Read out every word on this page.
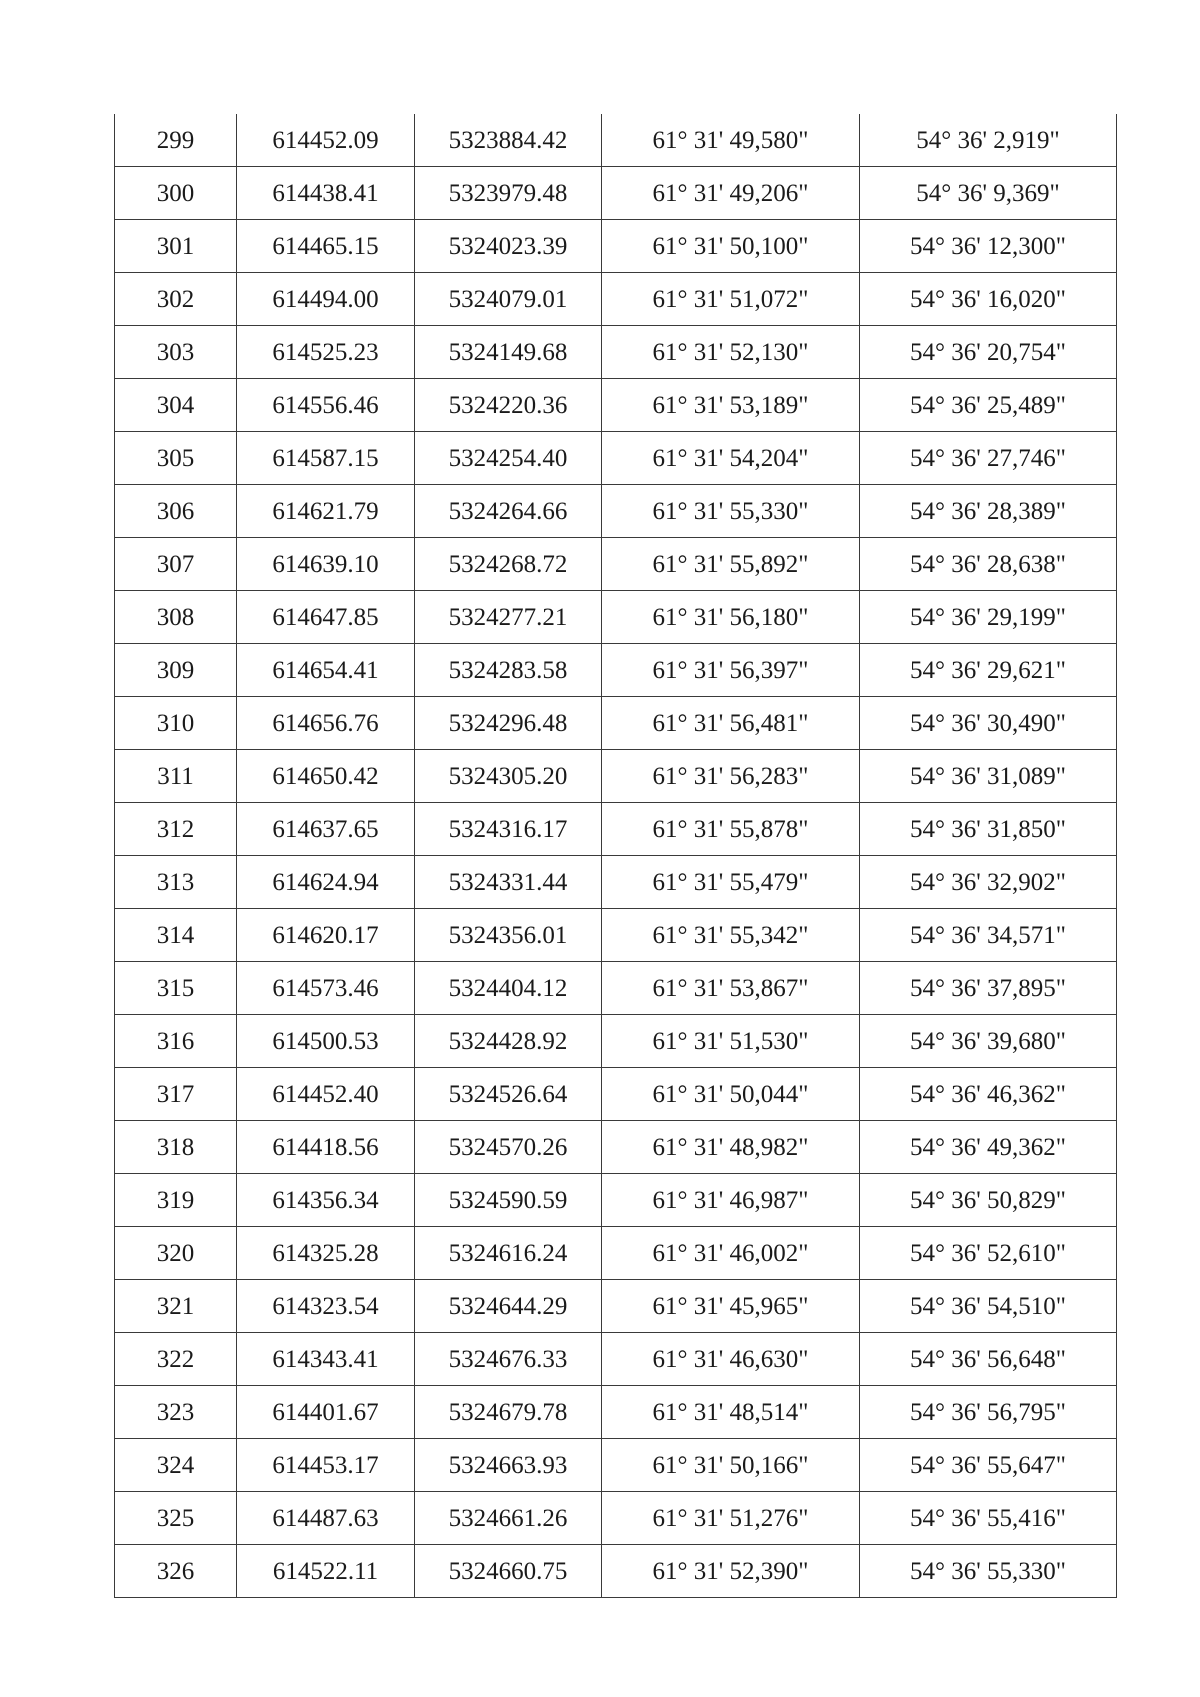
299	614452.09	5323884.42	61° 31' 49,580"	54° 36' 2,919"
300	614438.41	5323979.48	61° 31' 49,206"	54° 36' 9,369"
301	614465.15	5324023.39	61° 31' 50,100"	54° 36' 12,300"
302	614494.00	5324079.01	61° 31' 51,072"	54° 36' 16,020"
303	614525.23	5324149.68	61° 31' 52,130"	54° 36' 20,754"
304	614556.46	5324220.36	61° 31' 53,189"	54° 36' 25,489"
305	614587.15	5324254.40	61° 31' 54,204"	54° 36' 27,746"
306	614621.79	5324264.66	61° 31' 55,330"	54° 36' 28,389"
307	614639.10	5324268.72	61° 31' 55,892"	54° 36' 28,638"
308	614647.85	5324277.21	61° 31' 56,180"	54° 36' 29,199"
309	614654.41	5324283.58	61° 31' 56,397"	54° 36' 29,621"
310	614656.76	5324296.48	61° 31' 56,481"	54° 36' 30,490"
311	614650.42	5324305.20	61° 31' 56,283"	54° 36' 31,089"
312	614637.65	5324316.17	61° 31' 55,878"	54° 36' 31,850"
313	614624.94	5324331.44	61° 31' 55,479"	54° 36' 32,902"
314	614620.17	5324356.01	61° 31' 55,342"	54° 36' 34,571"
315	614573.46	5324404.12	61° 31' 53,867"	54° 36' 37,895"
316	614500.53	5324428.92	61° 31' 51,530"	54° 36' 39,680"
317	614452.40	5324526.64	61° 31' 50,044"	54° 36' 46,362"
318	614418.56	5324570.26	61° 31' 48,982"	54° 36' 49,362"
319	614356.34	5324590.59	61° 31' 46,987"	54° 36' 50,829"
320	614325.28	5324616.24	61° 31' 46,002"	54° 36' 52,610"
321	614323.54	5324644.29	61° 31' 45,965"	54° 36' 54,510"
322	614343.41	5324676.33	61° 31' 46,630"	54° 36' 56,648"
323	614401.67	5324679.78	61° 31' 48,514"	54° 36' 56,795"
324	614453.17	5324663.93	61° 31' 50,166"	54° 36' 55,647"
325	614487.63	5324661.26	61° 31' 51,276"	54° 36' 55,416"
326	614522.11	5324660.75	61° 31' 52,390"	54° 36' 55,330"
